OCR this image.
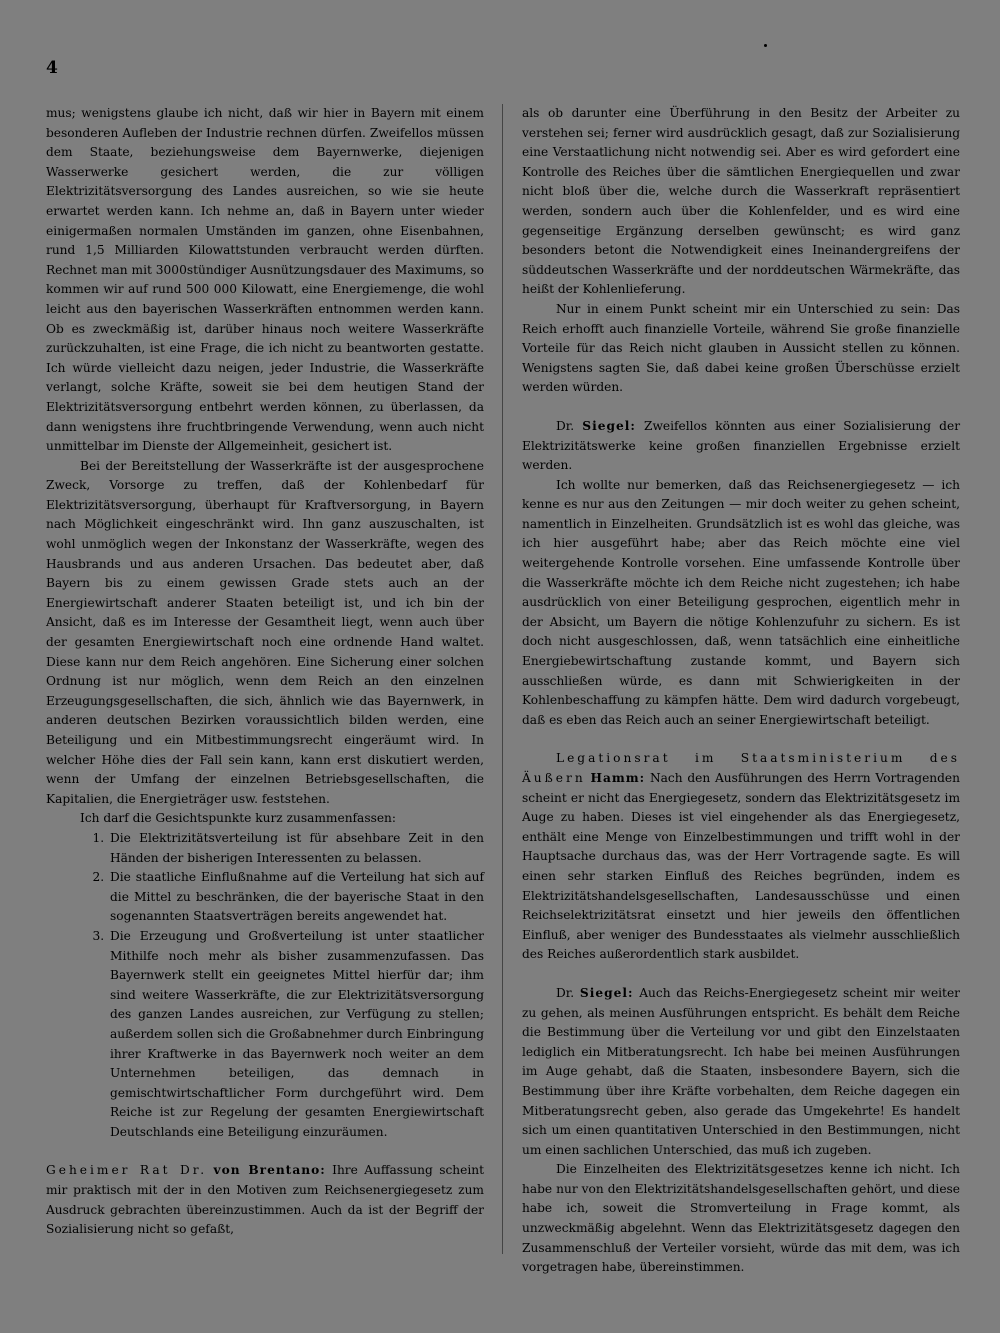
4

mus; wenigstens glaube ich nicht, daß wir hier in Bayern mit einem besonderen Aufleben der Industrie rechnen dürfen. Zweifellos müssen dem Staate, beziehungsweise dem Bayernwerke, diejenigen Wasserwerke gesichert werden, die zur völligen Elektrizitätsversorgung des Landes ausreichen, so wie sie heute erwartet werden kann. Ich nehme an, daß in Bayern unter wieder einigermaßen normalen Umständen im ganzen, ohne Eisenbahnen, rund 1,5 Milliarden Kilowattstunden verbraucht werden dürften. Rechnet man mit 3000stündiger Ausnützungsdauer des Maximums, so kommen wir auf rund 500 000 Kilowatt, eine Energiemenge, die wohl leicht aus den bayerischen Wasserkräften entnommen werden kann. Ob es zweckmäßig ist, darüber hinaus noch weitere Wasserkräfte zurückzuhalten, ist eine Frage, die ich nicht zu beantworten gestatte. Ich würde vielleicht dazu neigen, jeder Industrie, die Wasserkräfte verlangt, solche Kräfte, soweit sie bei dem heutigen Stand der Elektrizitätsversorgung entbehrt werden können, zu überlassen, da dann wenigstens ihre fruchtbringende Verwendung, wenn auch nicht unmittelbar im Dienste der Allgemeinheit, gesichert ist.

Bei der Bereitstellung der Wasserkräfte ist der ausgesprochene Zweck, Vorsorge zu treffen, daß der Kohlenbedarf für Elektrizitätsversorgung, überhaupt für Kraftversorgung, in Bayern nach Möglichkeit eingeschränkt wird. Ihn ganz auszuschalten, ist wohl unmöglich wegen der Inkonstanz der Wasserkräfte, wegen des Hausbrands und aus anderen Ursachen. Das bedeutet aber, daß Bayern bis zu einem gewissen Grade stets auch an der Energiewirtschaft anderer Staaten beteiligt ist, und ich bin der Ansicht, daß es im Interesse der Gesamtheit liegt, wenn auch über der gesamten Energiewirtschaft noch eine ordnende Hand waltet. Diese kann nur dem Reich angehören. Eine Sicherung einer solchen Ordnung ist nur möglich, wenn dem Reich an den einzelnen Erzeugungsgesellschaften, die sich, ähnlich wie das Bayernwerk, in anderen deutschen Bezirken voraussichtlich bilden werden, eine Beteiligung und ein Mitbestimmungsrecht eingeräumt wird. In welcher Höhe dies der Fall sein kann, kann erst diskutiert werden, wenn der Umfang der einzelnen Betriebsgesellschaften, die Kapitalien, die Energieträger usw. feststehen.

Ich darf die Gesichtspunkte kurz zusammenfassen:

1. Die Elektrizitätsverteilung ist für absehbare Zeit in den Händen der bisherigen Interessenten zu belassen.
2. Die staatliche Einflußnahme auf die Verteilung hat sich auf die Mittel zu beschränken, die der bayerische Staat in den sogenannten Staatsverträgen bereits angewendet hat.
3. Die Erzeugung und Großverteilung ist unter staatlicher Mithilfe noch mehr als bisher zusammenzufassen. Das Bayernwerk stellt ein geeignetes Mittel hierfür dar; ihm sind weitere Wasserkräfte, die zur Elektrizitätsversorgung des ganzen Landes ausreichen, zur Verfügung zu stellen; außerdem sollen sich die Großabnehmer durch Einbringung ihrer Kraftwerke in das Bayernwerk noch weiter an dem Unternehmen beteiligen, das demnach in gemischtwirtschaftlicher Form durchgeführt wird. Dem Reiche ist zur Regelung der gesamten Energiewirtschaft Deutschlands eine Beteiligung einzuräumen.

Geheimer Rat Dr. von Brentano: Ihre Auffassung scheint mir praktisch mit der in den Motiven zum Reichsenergiegesetz zum Ausdruck gebrachten übereinzustimmen. Auch da ist der Begriff der Sozialisierung nicht so gefaßt,

als ob darunter eine Überführung in den Besitz der Arbeiter zu verstehen sei; ferner wird ausdrücklich gesagt, daß zur Sozialisierung eine Verstaatlichung nicht notwendig sei. Aber es wird gefordert eine Kontrolle des Reiches über die sämtlichen Energiequellen und zwar nicht bloß über die, welche durch die Wasserkraft repräsentiert werden, sondern auch über die Kohlenfelder, und es wird eine gegenseitige Ergänzung derselben gewünscht; es wird ganz besonders betont die Notwendigkeit eines Ineinandergreifens der süddeutschen Wasserkräfte und der norddeutschen Wärmekräfte, das heißt der Kohlenlieferung.

Nur in einem Punkt scheint mir ein Unterschied zu sein: Das Reich erhofft auch finanzielle Vorteile, während Sie große finanzielle Vorteile für das Reich nicht glauben in Aussicht stellen zu können. Wenigstens sagten Sie, daß dabei keine großen Überschüsse erzielt werden würden.

Dr. Siegel: Zweifellos könnten aus einer Sozialisierung der Elektrizitätswerke keine großen finanziellen Ergebnisse erzielt werden.

Ich wollte nur bemerken, daß das Reichsenergiegesetz — ich kenne es nur aus den Zeitungen — mir doch weiter zu gehen scheint, namentlich in Einzelheiten. Grundsätzlich ist es wohl das gleiche, was ich hier ausgeführt habe; aber das Reich möchte eine viel weitergehende Kontrolle vorsehen. Eine umfassende Kontrolle über die Wasserkräfte möchte ich dem Reiche nicht zugestehen; ich habe ausdrücklich von einer Beteiligung gesprochen, eigentlich mehr in der Absicht, um Bayern die nötige Kohlenzufuhr zu sichern. Es ist doch nicht ausgeschlossen, daß, wenn tatsächlich eine einheitliche Energiebewirtschaftung zustande kommt, und Bayern sich ausschließen würde, es dann mit Schwierigkeiten in der Kohlenbeschaffung zu kämpfen hätte. Dem wird dadurch vorgebeugt, daß es eben das Reich auch an seiner Energiewirtschaft beteiligt.

Legationsrat im Staatsministerium des Äußern Hamm: Nach den Ausführungen des Herrn Vortragenden scheint er nicht das Energiegesetz, sondern das Elektrizitätsgesetz im Auge zu haben. Dieses ist viel eingehender als das Energiegesetz, enthält eine Menge von Einzelbestimmungen und trifft wohl in der Hauptsache durchaus das, was der Herr Vortragende sagte. Es will einen sehr starken Einfluß des Reiches begründen, indem es Elektrizitätshandelsgesellschaften, Landesausschüsse und einen Reichselektrizitätsrat einsetzt und hier jeweils den öffentlichen Einfluß, aber weniger des Bundesstaates als vielmehr ausschließlich des Reiches außerordentlich stark ausbildet.

Dr. Siegel: Auch das Reichs-Energiegesetz scheint mir weiter zu gehen, als meinen Ausführungen entspricht. Es behält dem Reiche die Bestimmung über die Verteilung vor und gibt den Einzelstaaten lediglich ein Mitberatungsrecht. Ich habe bei meinen Ausführungen im Auge gehabt, daß die Staaten, insbesondere Bayern, sich die Bestimmung über ihre Kräfte vorbehalten, dem Reiche dagegen ein Mitberatungsrecht geben, also gerade das Umgekehrte! Es handelt sich um einen quantitativen Unterschied in den Bestimmungen, nicht um einen sachlichen Unterschied, das muß ich zugeben.

Die Einzelheiten des Elektrizitätsgesetzes kenne ich nicht. Ich habe nur von den Elektrizitätshandelsgesellschaften gehört, und diese habe ich, soweit die Stromverteilung in Frage kommt, als unzweckmäßig abgelehnt. Wenn das Elektrizitätsgesetz dagegen den Zusammenschluß der Verteiler vorsieht, würde das mit dem, was ich vorgetragen habe, übereinstimmen.
